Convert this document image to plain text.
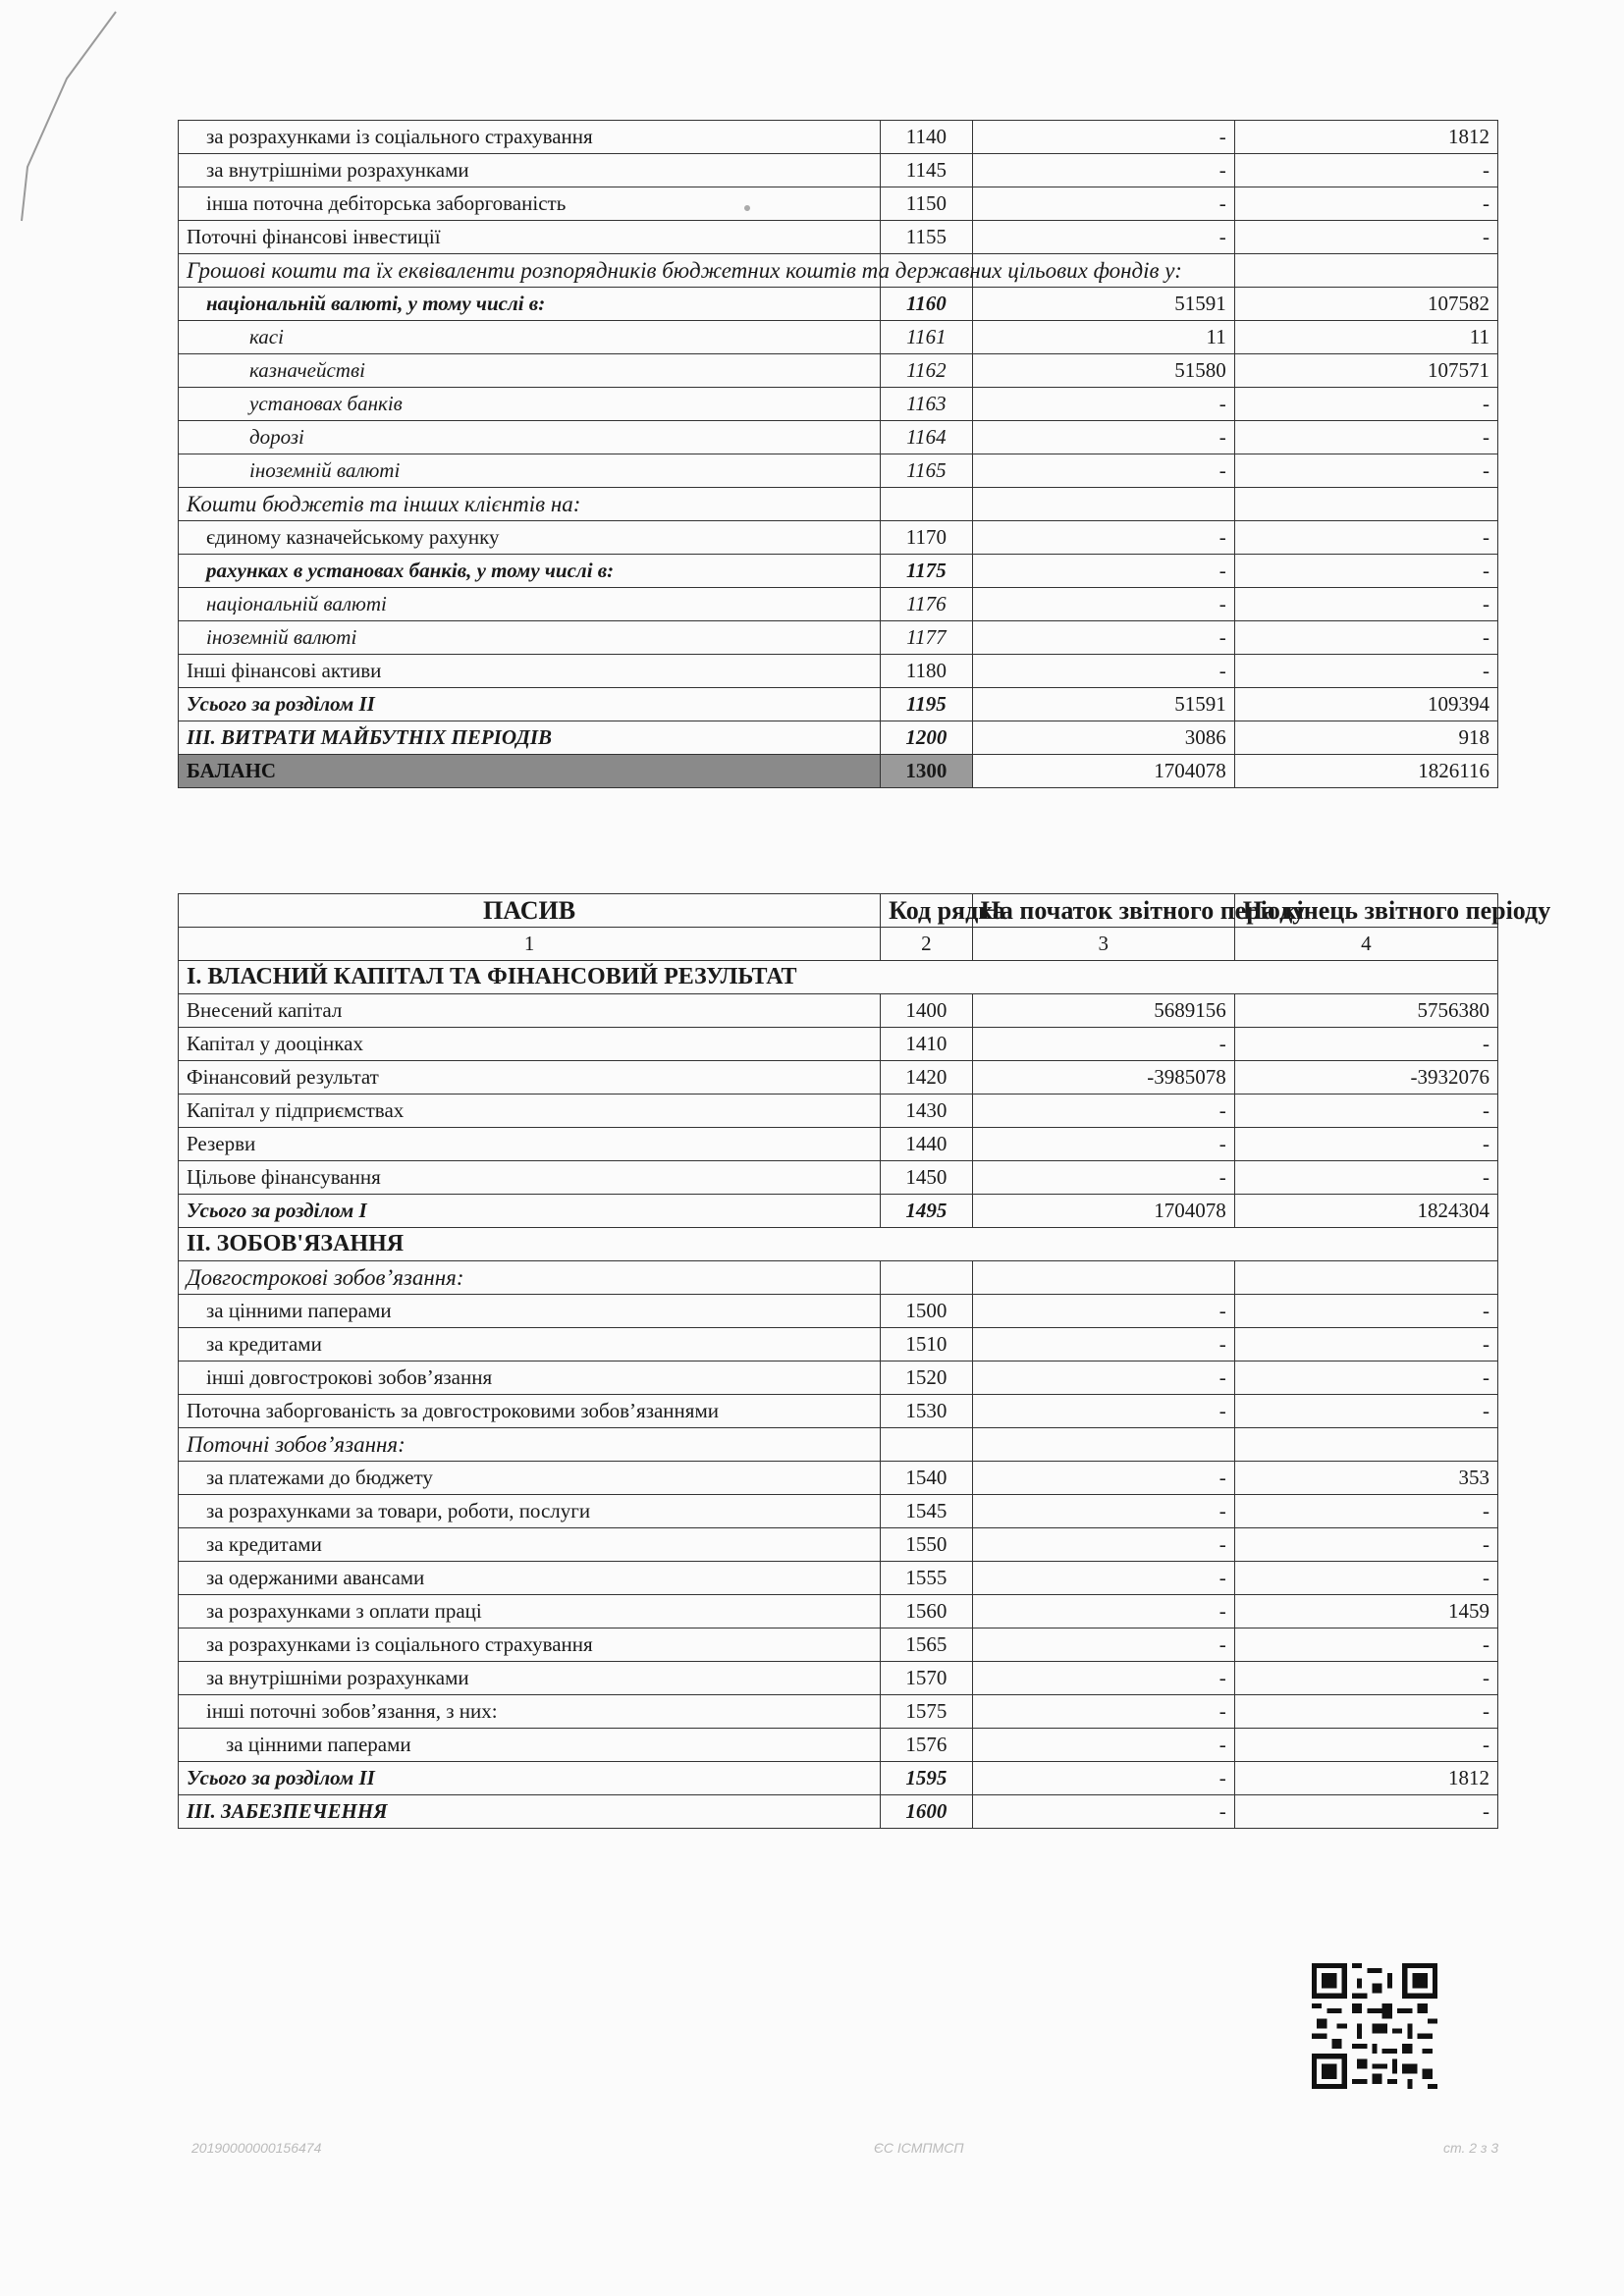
за розрахунками із соціального страхування	1140	-	1812
за внутрішніми розрахунками	1145	-	-
інша поточна дебіторська заборгованість	1150	-	-
Поточні фінансові інвестиції	1155	-	-
Грошові кошти та їх еквіваленти розпорядників бюджетних коштів та державних цільових фондів у:			
національній валюті, у тому числі в:	1160	51591	107582
касі	1161	11	11
казначействі	1162	51580	107571
установах банків	1163	-	-
дорозі	1164	-	-
іноземній валюті	1165	-	-
Кошти бюджетів та інших клієнтів на:			
єдиному казначейському рахунку	1170	-	-
рахунках в установах банків, у тому числі в:	1175	-	-
національній валюті	1176	-	-
іноземній валюті	1177	-	-
Інші фінансові активи	1180	-	-
Усього за розділом II	1195	51591	109394
III. ВИТРАТИ МАЙБУТНІХ ПЕРІОДІВ	1200	3086	918
БАЛАНС	1300	1704078	1826116
ПАСИВ	Код рядка	На початок звітного періоду	На кінець звітного періоду
1	2	3	4
I. ВЛАСНИЙ КАПІТАЛ ТА ФІНАНСОВИЙ РЕЗУЛЬТАТ			
Внесений капітал	1400	5689156	5756380
Капітал у дооцінках	1410	-	-
Фінансовий результат	1420	-3985078	-3932076
Капітал у підприємствах	1430	-	-
Резерви	1440	-	-
Цільове фінансування	1450	-	-
Усього за розділом I	1495	1704078	1824304
II. ЗОБОВ'ЯЗАННЯ			
Довгострокові зобов’язання:			
за цінними паперами	1500	-	-
за кредитами	1510	-	-
інші довгострокові зобов’язання	1520	-	-
Поточна заборгованість за довгостроковими зобов’язаннями	1530	-	-
Поточні зобов’язання:			
за платежами до бюджету	1540	-	353
за розрахунками за товари, роботи, послуги	1545	-	-
за кредитами	1550	-	-
за одержаними авансами	1555	-	-
за розрахунками з оплати праці	1560	-	1459
за розрахунками із соціального страхування	1565	-	-
за внутрішніми розрахунками	1570	-	-
інші поточні зобов’язання, з них:	1575	-	-
за цінними паперами	1576	-	-
Усього за розділом II	1595	-	1812
III. ЗАБЕЗПЕЧЕННЯ	1600	-	-
20190000000156474	ЄС ІСМПМСП	ст. 2 з 3
